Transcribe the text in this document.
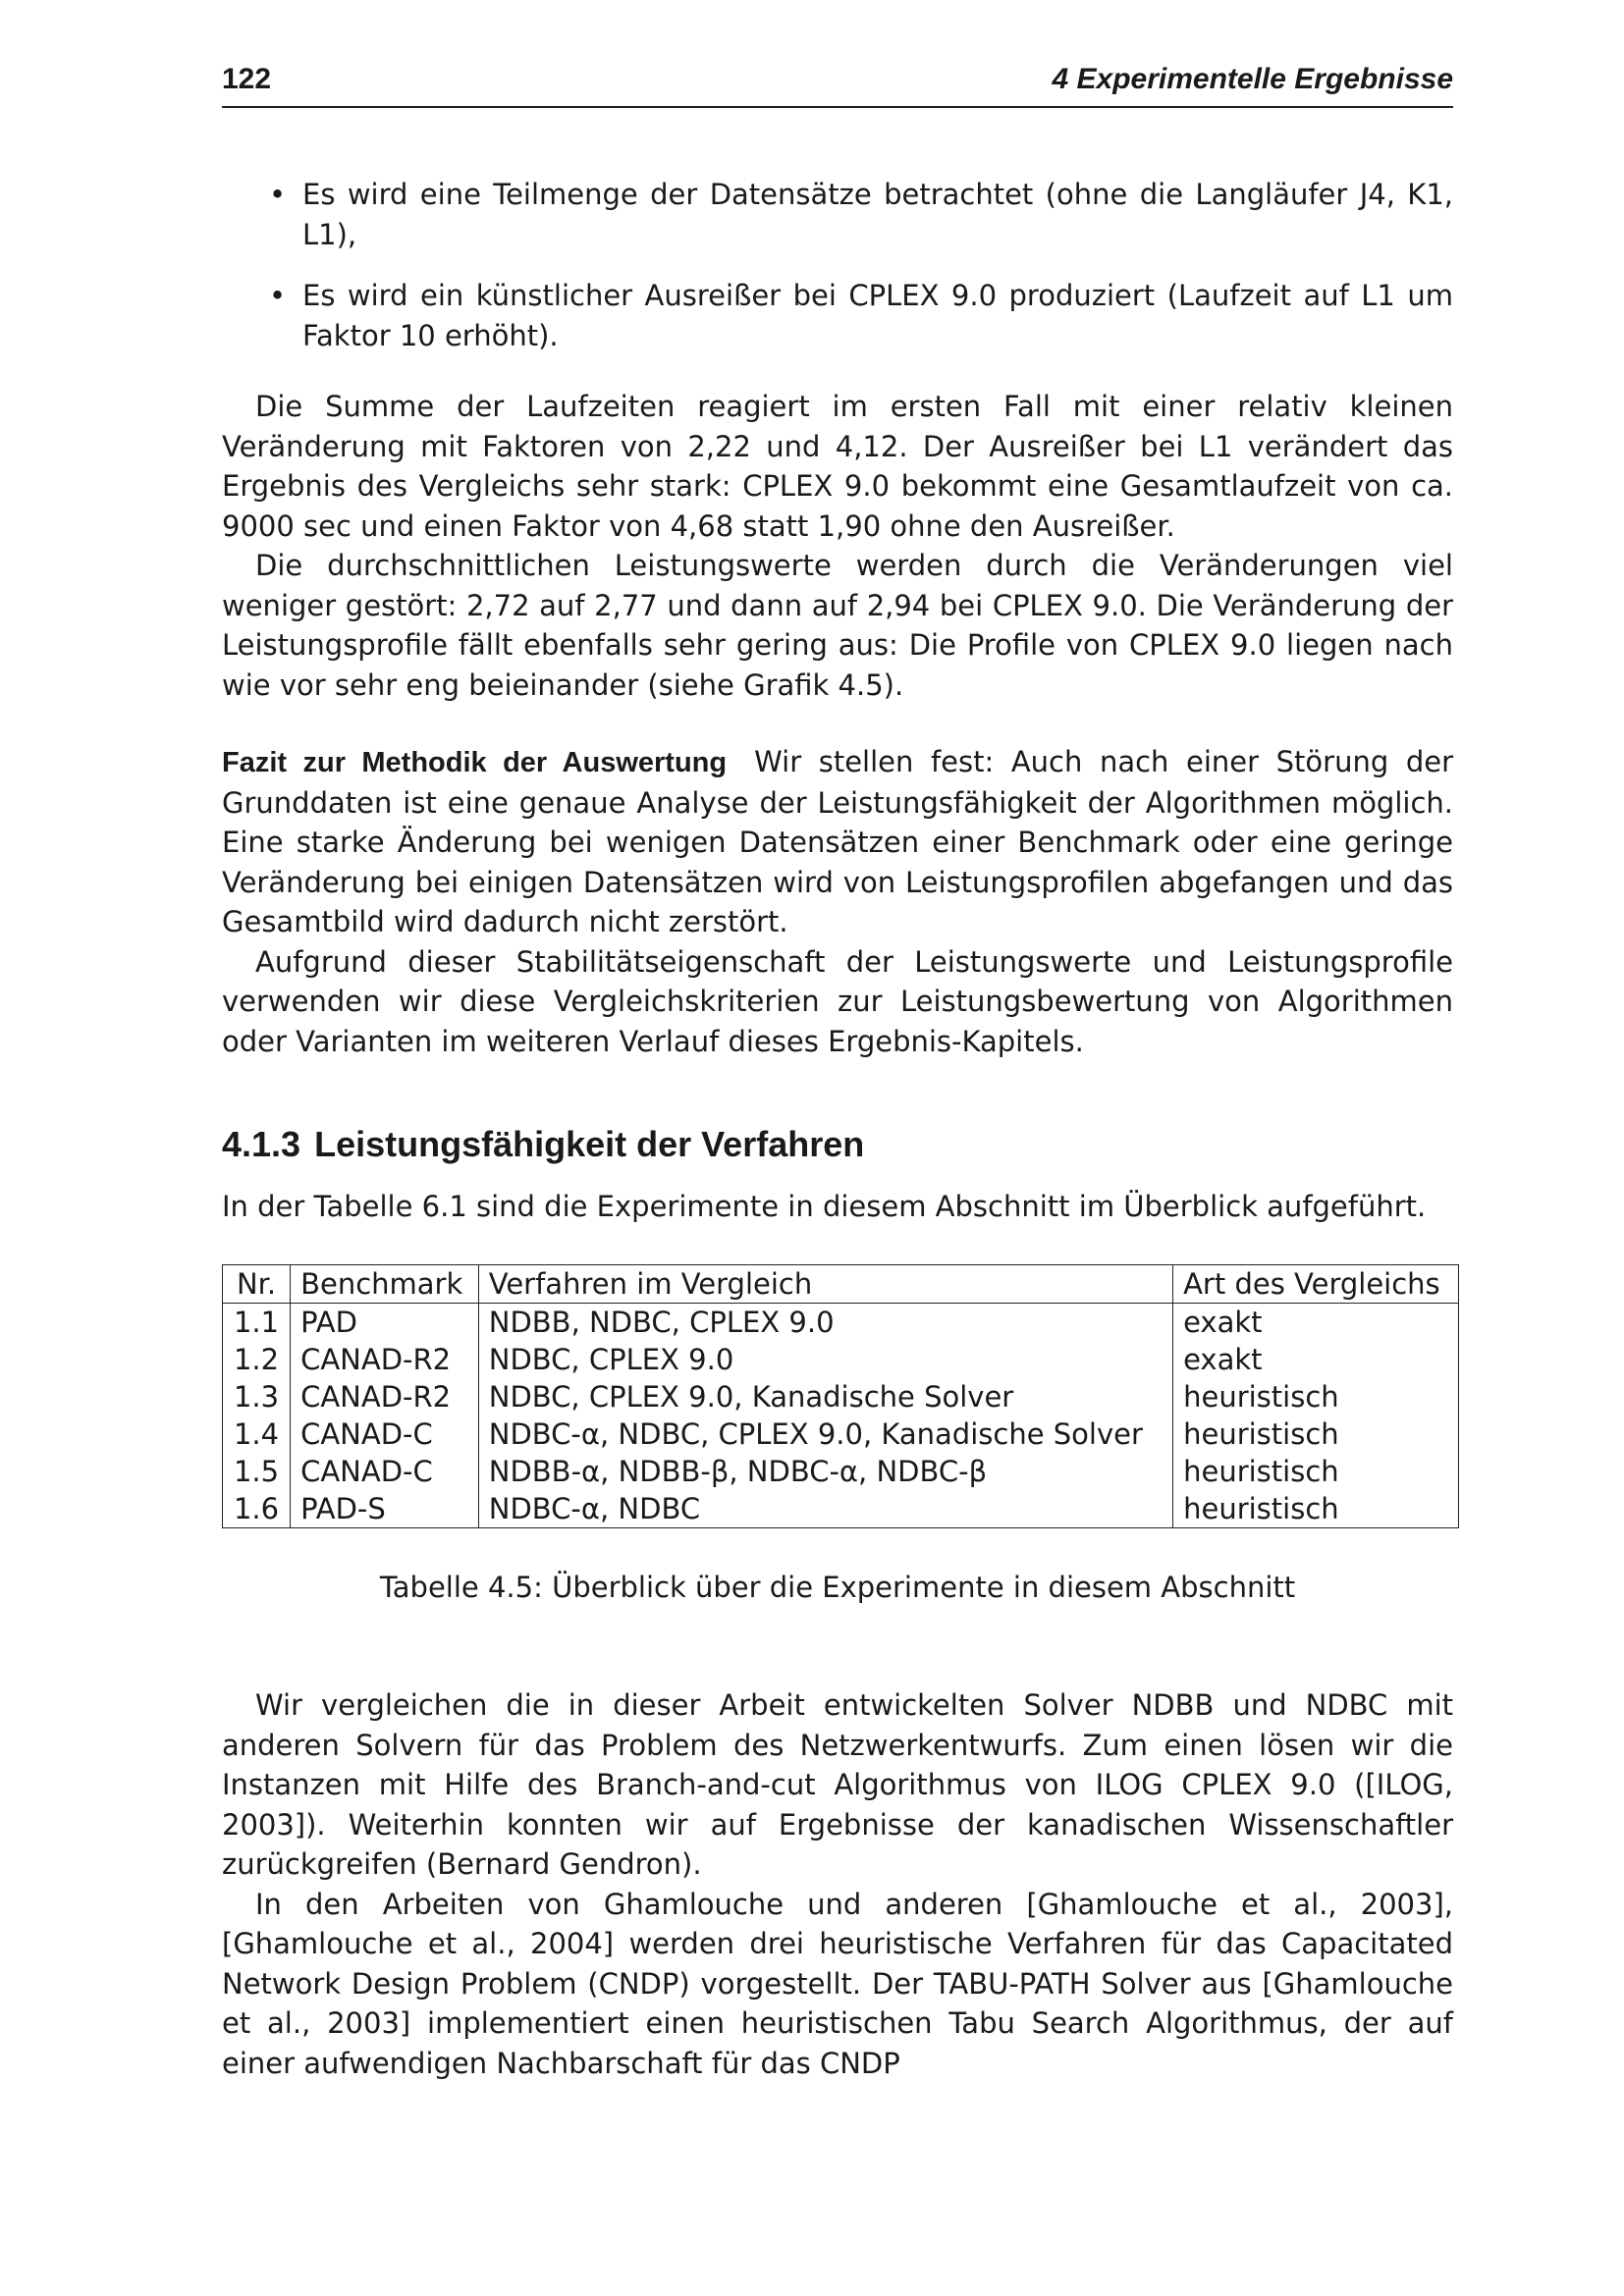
122	4 Experimentelle Ergebnisse
• Es wird eine Teilmenge der Datensätze betrachtet (ohne die Langläufer J4, K1, L1),
• Es wird ein künstlicher Ausreißer bei CPLEX 9.0 produziert (Laufzeit auf L1 um Faktor 10 erhöht).

Die Summe der Laufzeiten reagiert im ersten Fall mit einer relativ kleinen Veränderung mit Faktoren von 2,22 und 4,12. Der Ausreißer bei L1 verändert das Ergebnis des Vergleichs sehr stark: CPLEX 9.0 bekommt eine Gesamtlaufzeit von ca. 9000 sec und einen Faktor von 4,68 statt 1,90 ohne den Ausreißer.

Die durchschnittlichen Leistungswerte werden durch die Veränderungen viel weniger gestört: 2,72 auf 2,77 und dann auf 2,94 bei CPLEX 9.0. Die Veränderung der Leistungsprofile fällt ebenfalls sehr gering aus: Die Profile von CPLEX 9.0 liegen nach wie vor sehr eng beieinander (siehe Grafik 4.5).

Fazit zur Methodik der Auswertung Wir stellen fest: Auch nach einer Störung der Grunddaten ist eine genaue Analyse der Leistungsfähigkeit der Algorithmen möglich. Eine starke Änderung bei wenigen Datensätzen einer Benchmark oder eine geringe Veränderung bei einigen Datensätzen wird von Leistungsprofilen abgefangen und das Gesamtbild wird dadurch nicht zerstört.

Aufgrund dieser Stabilitätseigenschaft der Leistungswerte und Leistungsprofile verwenden wir diese Vergleichskriterien zur Leistungsbewertung von Algorithmen oder Varianten im weiteren Verlauf dieses Ergebnis-Kapitels.

4.1.3 Leistungsfähigkeit der Verfahren

In der Tabelle 6.1 sind die Experimente in diesem Abschnitt im Überblick aufgeführt.

Nr.	Benchmark	Verfahren im Vergleich	Art des Vergleichs
1.1	PAD	NDBB, NDBC, CPLEX 9.0	exakt
1.2	CANAD-R2	NDBC, CPLEX 9.0	exakt
1.3	CANAD-R2	NDBC, CPLEX 9.0, Kanadische Solver	heuristisch
1.4	CANAD-C	NDBC-α, NDBC, CPLEX 9.0, Kanadische Solver	heuristisch
1.5	CANAD-C	NDBB-α, NDBB-β, NDBC-α, NDBC-β	heuristisch
1.6	PAD-S	NDBC-α, NDBC	heuristisch

Tabelle 4.5: Überblick über die Experimente in diesem Abschnitt

Wir vergleichen die in dieser Arbeit entwickelten Solver NDBB und NDBC mit anderen Solvern für das Problem des Netzwerkentwurfs. Zum einen lösen wir die Instanzen mit Hilfe des Branch-and-cut Algorithmus von ILOG CPLEX 9.0 ([ILOG, 2003]). Weiterhin konnten wir auf Ergebnisse der kanadischen Wissenschaftler zurückgreifen (Bernard Gendron).

In den Arbeiten von Ghamlouche und anderen [Ghamlouche et al., 2003], [Ghamlouche et al., 2004] werden drei heuristische Verfahren für das Capacitated Network Design Problem (CNDP) vorgestellt. Der TABU-PATH Solver aus [Ghamlouche et al., 2003] implementiert einen heuristischen Tabu Search Algorithmus, der auf einer aufwendigen Nachbarschaft für das CNDP
